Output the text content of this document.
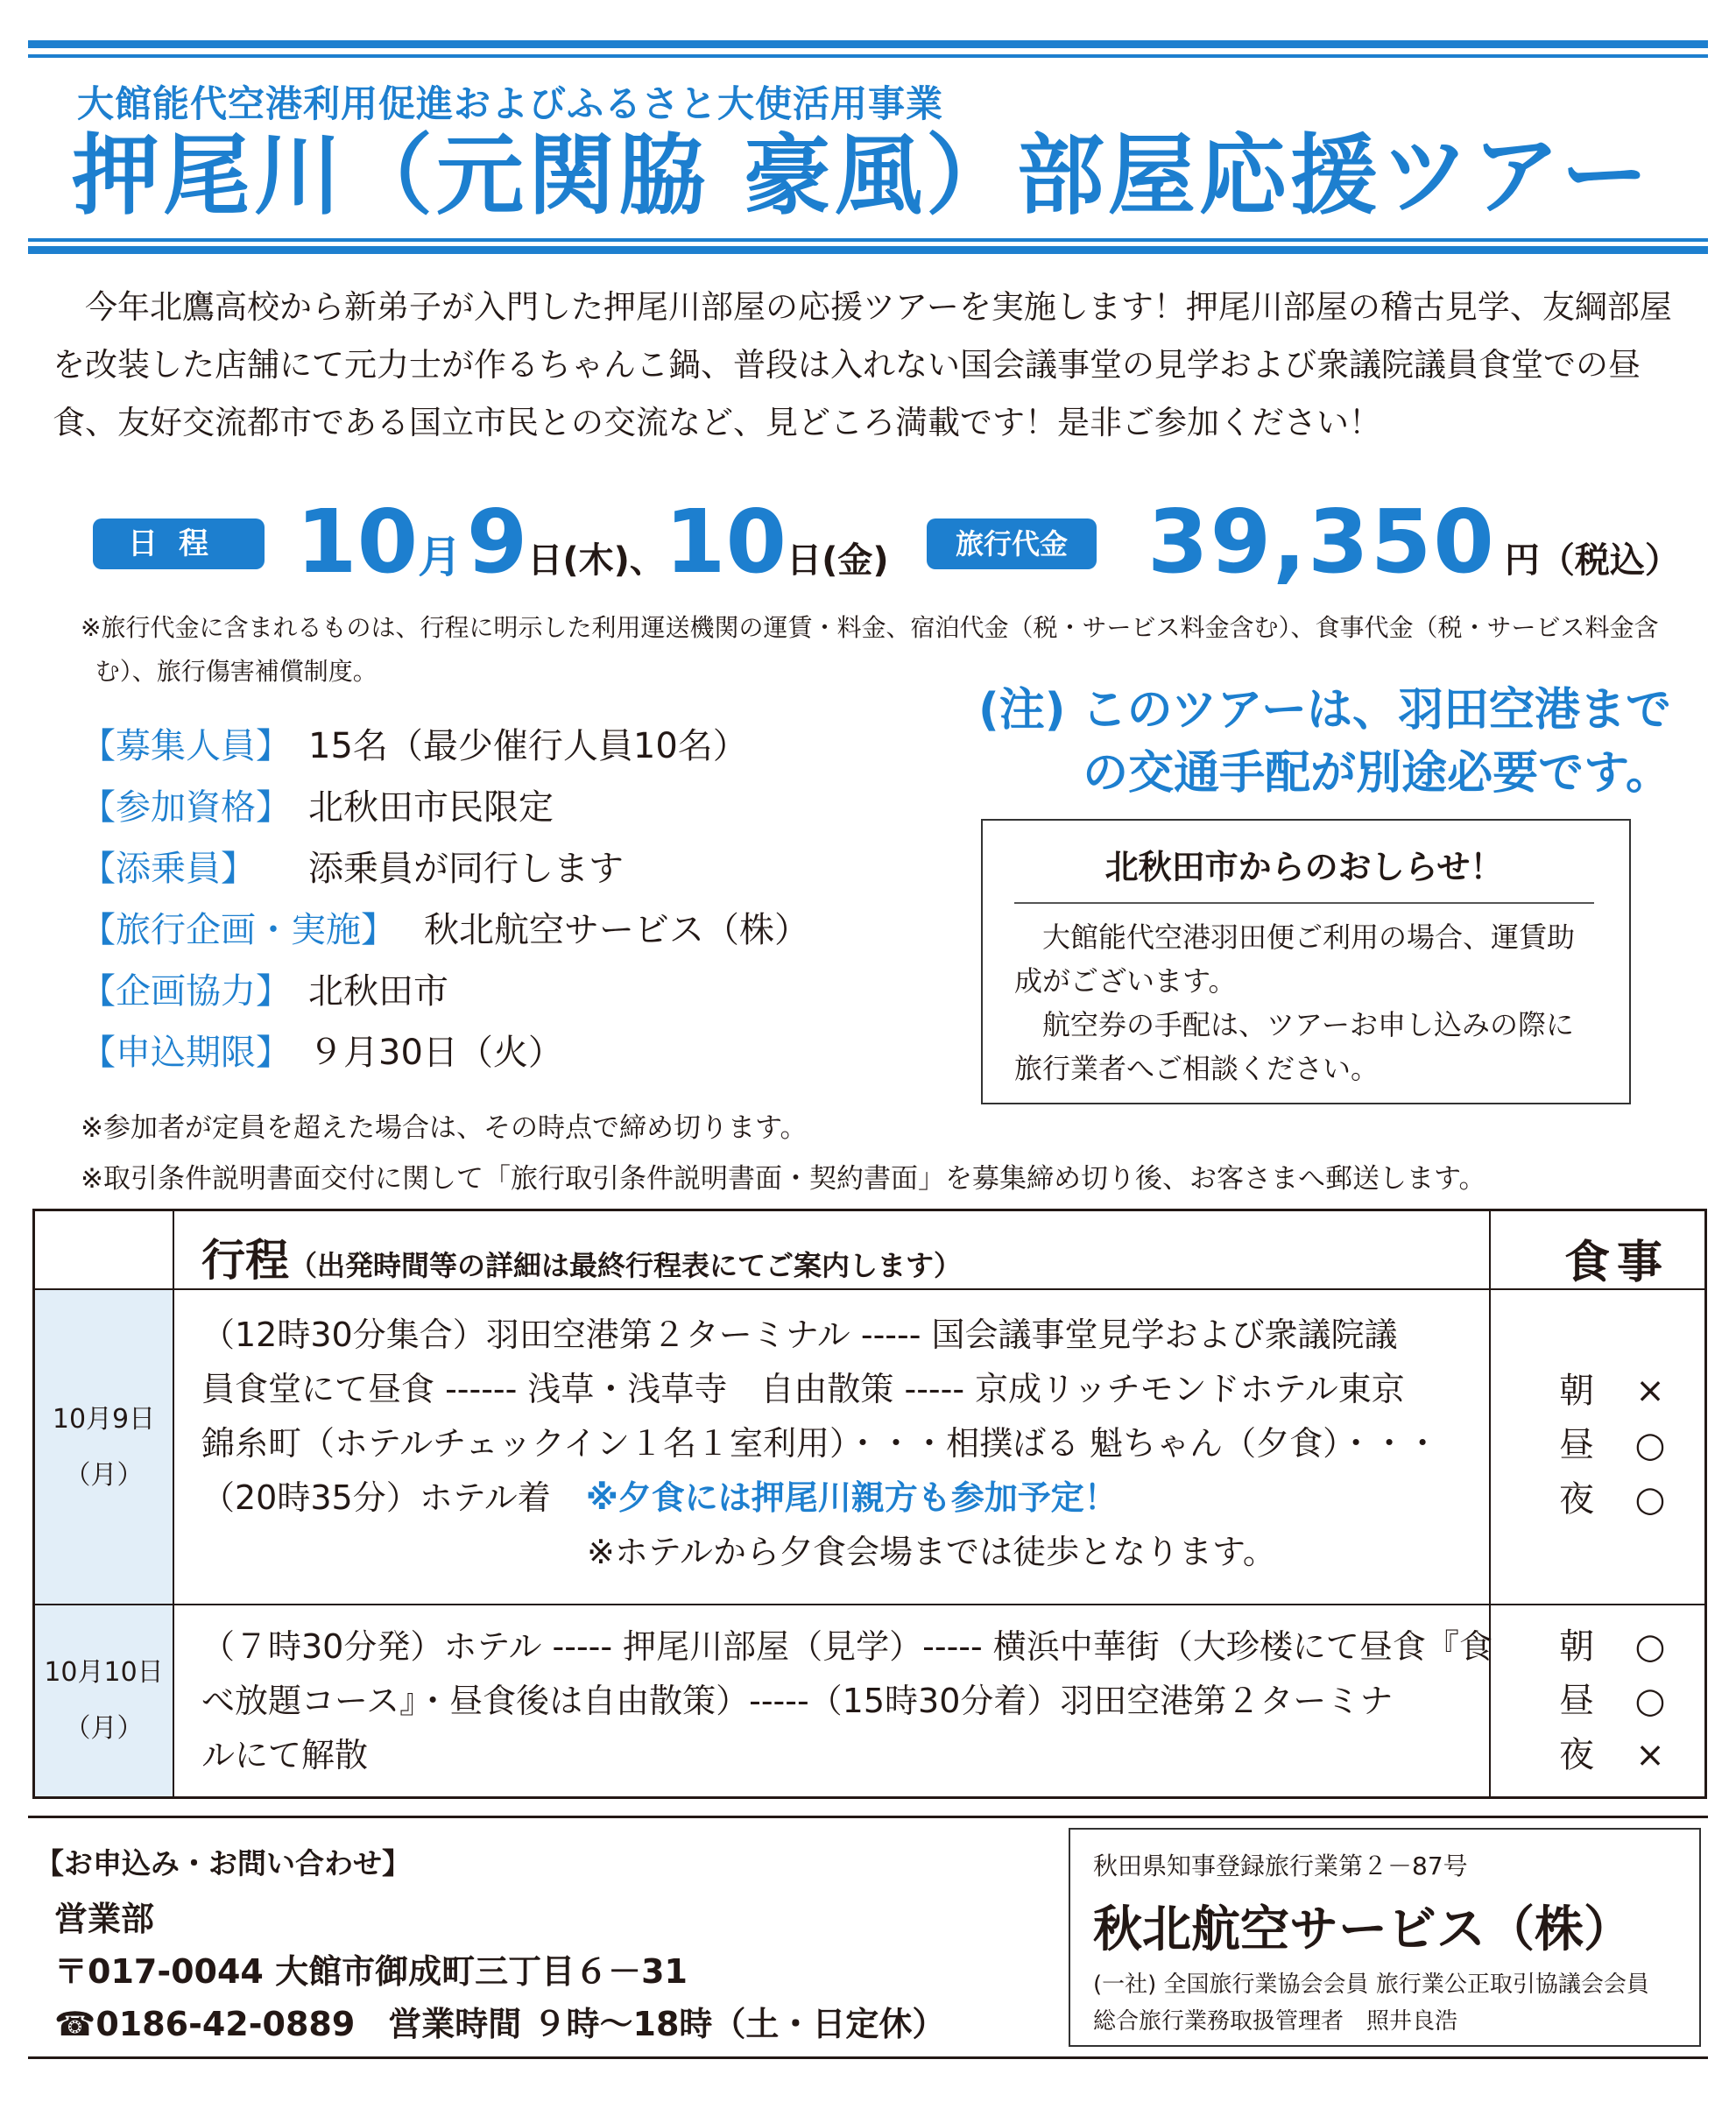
大館能代空港利用促進およびふるさと大使活用事業
押尾川（元関脇 豪風）部屋応援ツアー

今年北鷹高校から新弟子が入門した押尾川部屋の応援ツアーを実施します！押尾川部屋の稽古見学、友綱部屋を改装した店舗にて元力士が作るちゃんこ鍋、普段は入れない国会議事堂の見学および衆議院議員食堂での昼食、友好交流都市である国立市民との交流など、見どころ満載です！是非ご参加ください！

日程 10月 9日(木)、10日(金)	旅行代金 39,350 円（税込）

※旅行代金に含まれるものは、行程に明示した利用運送機関の運賃・料金、宿泊代金（税・サービス料金含む）、食事代金（税・サービス料金含む）、旅行傷害補償制度。

(注) このツアーは、羽田空港まで
の交通手配が別途必要です。
【募集人員】 15名（最少催行人員10名）
【参加資格】 北秋田市民限定
【添乗員】 添乗員が同行します
【旅行企画・実施】 秋北航空サービス（株）
【企画協力】 北秋田市
【申込期限】 ９月30日（火）
北秋田市からのおしらせ！

大館能代空港羽田便ご利用の場合、運賃助成がございます。

航空券の手配は、ツアーお申し込みの際に旅行業者へご相談ください。

※参加者が定員を超えた場合は、その時点で締め切ります。
※取引条件説明書面交付に関して「旅行取引条件説明書面・契約書面」を募集締め切り後、お客さまへ郵送します。
行程（出発時間等の詳細は最終行程表にてご案内します）	食事
10月9日
（月）
（12時30分集合）羽田空港第２ターミナル ----- 国会議事堂見学および衆議院議
員食堂にて昼食 ------ 浅草・浅草寺　自由散策 ----- 京成リッチモンドホテル東京
錦糸町（ホテルチェックイン１名１室利用）・・・相撲ばる 魁ちゃん（夕食）・・・
（20時35分）ホテル着 ※夕食には押尾川親方も参加予定！
※ホテルから夕食会場までは徒歩となります。
朝 ×
昼 ○
夜 ○
10月10日
（月）
（７時30分発）ホテル ----- 押尾川部屋（見学）----- 横浜中華街（大珍楼にて昼食『食
べ放題コース』・昼食後は自由散策）-----（15時30分着）羽田空港第２ターミナ
ルにて解散
朝 ○
昼 ○
夜 ×
【お申込み・お問い合わせ】
営業部
〒017-0044 大館市御成町三丁目６－31
☎0186-42-0889　営業時間 ９時～18時（土・日定休）
秋田県知事登録旅行業第２－87号
秋北航空サービス（株）
(一社) 全国旅行業協会会員 旅行業公正取引協議会会員
総合旅行業務取扱管理者　照井良浩
